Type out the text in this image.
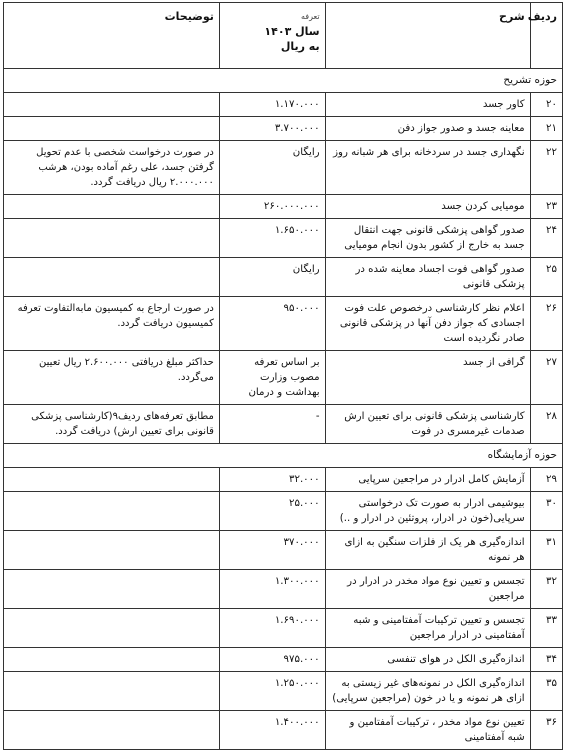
ردیف	شرح	تعرفه
سال ۱۴۰۳
به ریال	توضیحات
حوزه تشریح			
۲۰	کاور جسد	۱.۱۷۰.۰۰۰	
۲۱	معاینه جسد و صدور جواز دفن	۳.۷۰۰.۰۰۰	
۲۲	نگهداری جسد در سردخانه برای هر شبانه روز	رایگان	در صورت درخواست شخصی با عدم تحویل گرفتن جسد، علی رغم آماده بودن، هرشب ۲.۰۰۰.۰۰۰ ریال دریافت گردد.
۲۳	مومیایی کردن جسد	۲۶۰.۰۰۰.۰۰۰	
۲۴	صدور گواهی پزشکی قانونی جهت انتقال جسد به خارج از کشور بدون انجام مومیایی	۱.۶۵۰.۰۰۰	
۲۵	صدور گواهی فوت اجساد معاینه شده در پزشکی قانونی	رایگان	
۲۶	اعلام نظر کارشناسی درخصوص علت فوت اجسادی که جواز دفن آنها در پزشکی قانونی صادر نگردیده است	۹۵۰.۰۰۰	در صورت ارجاع به کمیسیون مابه‌التفاوت تعرفه کمیسیون دریافت گردد.
۲۷	گرافی از جسد	بر اساس تعرفه مصوب وزارت بهداشت و درمان	حداکثر مبلغ دریافتی ۲.۶۰۰.۰۰۰ ریال تعیین می‌گردد.
۲۸	کارشناسی پزشکی قانونی برای تعیین ارش صدمات غیرمسری در فوت	-	مطابق تعرفه‌های ردیف۹(کارشناسی پزشکی قانونی برای تعیین ارش) دریافت گردد.
حوزه آزمایشگاه			
۲۹	آزمایش کامل ادرار در مراجعین سرپایی	۳۲.۰۰۰	
۳۰	بیوشیمی ادرار به صورت تک درخواستی سرپایی(خون در ادرار، پروتئین در ادرار و ..)	۲۵.۰۰۰	
۳۱	اندازه‌گیری هر یک از فلزات سنگین به ازای هر نمونه	۳۷۰.۰۰۰	
۳۲	تجسس و تعیین نوع مواد مخدر در ادرار در مراجعین	۱.۳۰۰.۰۰۰	
۳۳	تجسس و تعیین ترکیبات آمفتامینی و شبه آمفتامینی در ادرار مراجعین	۱.۶۹۰.۰۰۰	
۳۴	اندازه‌گیری الکل در هوای تنفسی	۹۷۵.۰۰۰	
۳۵	اندازه‌گیری الکل در نمونه‌های غیر زیستی به ازای هر نمونه و یا در خون (مراجعین سرپایی)	۱.۲۵۰.۰۰۰	
۳۶	تعیین نوع مواد مخدر ، ترکیبات آمفتامین و شبه آمفتامینی	۱.۴۰۰.۰۰۰	
